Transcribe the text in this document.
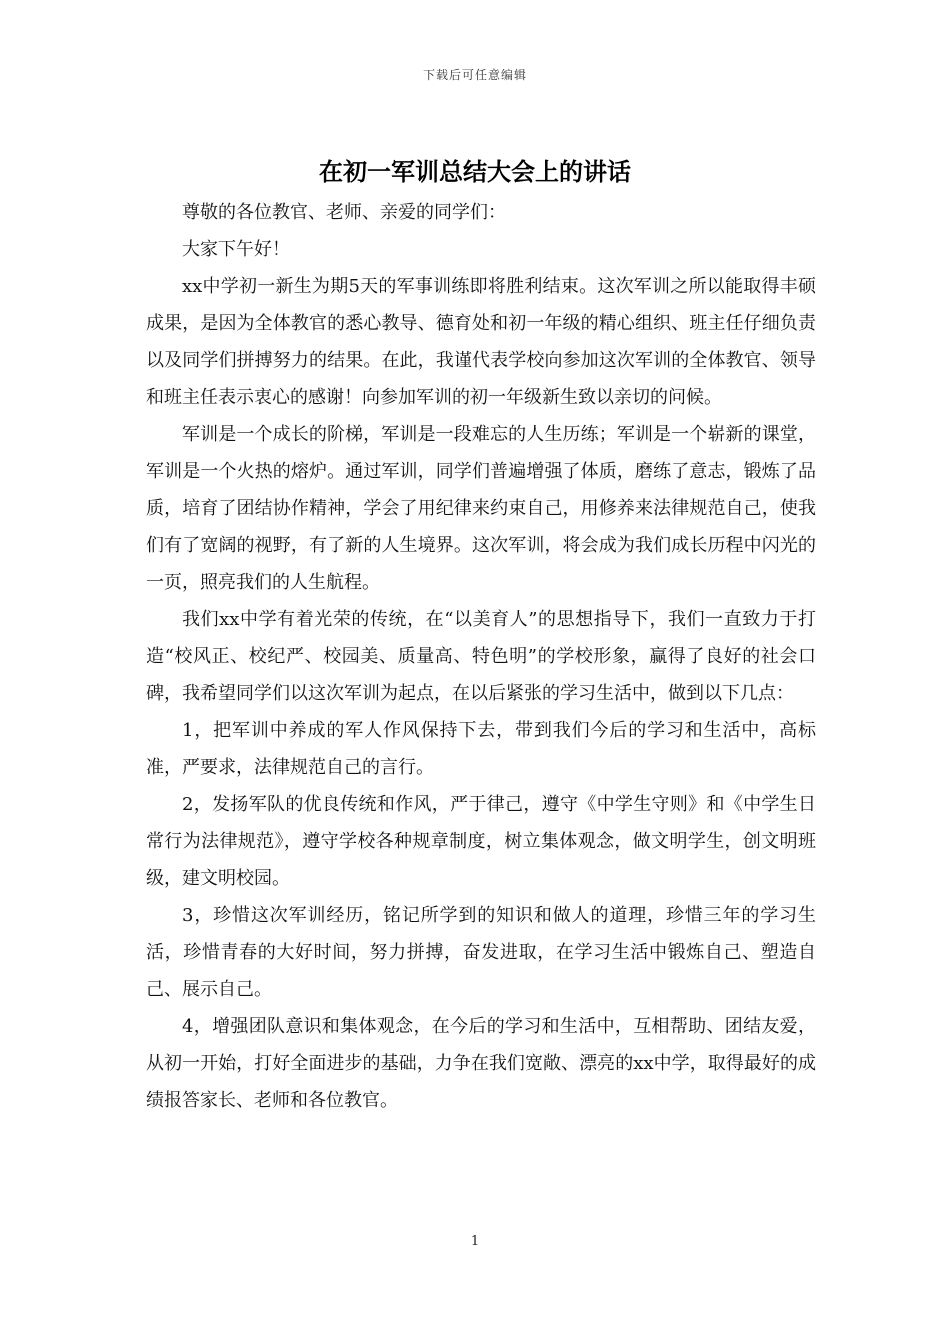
下载后可任意编辑
在初一军训总结大会上的讲话

尊敬的各位教官、老师、亲爱的同学们：

大家下午好！

xx中学初一新生为期5天的军事训练即将胜利结束。这次军训之所以能取得丰硕成果，是因为全体教官的悉心教导、德育处和初一年级的精心组织、班主任仔细负责以及同学们拼搏努力的结果。在此，我谨代表学校向参加这次军训的全体教官、领导和班主任表示衷心的感谢！向参加军训的初一年级新生致以亲切的问候。

军训是一个成长的阶梯，军训是一段难忘的人生历练；军训是一个崭新的课堂，军训是一个火热的熔炉。通过军训，同学们普遍增强了体质，磨练了意志，锻炼了品质，培育了团结协作精神，学会了用纪律来约束自己，用修养来法律规范自己，使我们有了宽阔的视野，有了新的人生境界。这次军训，将会成为我们成长历程中闪光的一页，照亮我们的人生航程。

我们xx中学有着光荣的传统，在“以美育人”的思想指导下，我们一直致力于打造“校风正、校纪严、校园美、质量高、特色明”的学校形象，赢得了良好的社会口碑，我希望同学们以这次军训为起点，在以后紧张的学习生活中，做到以下几点：

1，把军训中养成的军人作风保持下去，带到我们今后的学习和生活中，高标准，严要求，法律规范自己的言行。

2，发扬军队的优良传统和作风，严于律己，遵守《中学生守则》和《中学生日常行为法律规范》，遵守学校各种规章制度，树立集体观念，做文明学生，创文明班级，建文明校园。

3，珍惜这次军训经历，铭记所学到的知识和做人的道理，珍惜三年的学习生活，珍惜青春的大好时间，努力拼搏，奋发进取，在学习生活中锻炼自己、塑造自己、展示自己。

4，增强团队意识和集体观念，在今后的学习和生活中，互相帮助、团结友爱，从初一开始，打好全面进步的基础，力争在我们宽敞、漂亮的xx中学，取得最好的成绩报答家长、老师和各位教官。

1
